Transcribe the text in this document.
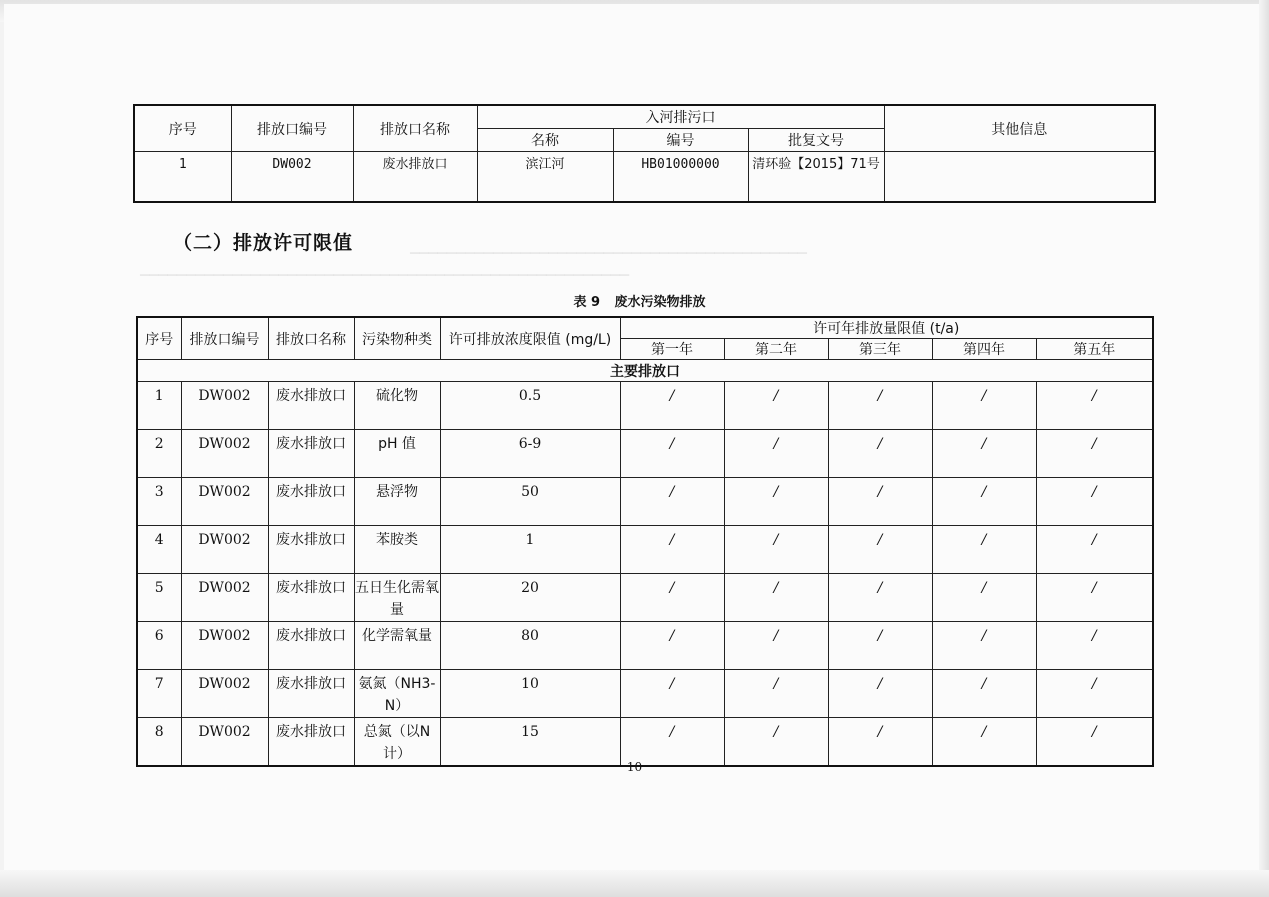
▁▁▁▁▁▁▁▁▁▁▁▁▁▁▁▁▁▁▁▁▁▁▁▁▁▁▁▁▁▁▁▁▁▁▁▁▁▁▁▁▁▁▁
▁▁▁▁▁▁▁▁▁▁▁▁▁▁▁▁▁▁▁▁▁▁▁▁▁▁▁▁▁▁▁▁▁▁▁▁▁▁▁▁▁▁▁▁▁▁▁▁▁▁▁▁▁
序号	排放口编号	排放口名称	入河排污口			其他信息
			名称	编号	批复文号	
1	DW002	废水排放口	滨江河	HB01000000	清环验【2015】71号	
（二）排放许可限值
表 9 废水污染物排放
序号	排放口编号	排放口名称	污染物种类	许可排放浓度限值 (mg/L)	许可年排放量限值 (t/a)				
					第一年	第二年	第三年	第四年	第五年
主要排放口									
1	DW002	废水排放口	硫化物	0.5	/	/	/	/	/
2	DW002	废水排放口	pH 值	6-9	/	/	/	/	/
3	DW002	废水排放口	悬浮物	50	/	/	/	/	/
4	DW002	废水排放口	苯胺类	1	/	/	/	/	/
5	DW002	废水排放口	五日生化需氧量	20	/	/	/	/	/
6	DW002	废水排放口	化学需氧量	80	/	/	/	/	/
7	DW002	废水排放口	氨氮（NH3-N）	10	/	/	/	/	/
8	DW002	废水排放口	总氮（以N计）	15	/	/	/	/	/
10
